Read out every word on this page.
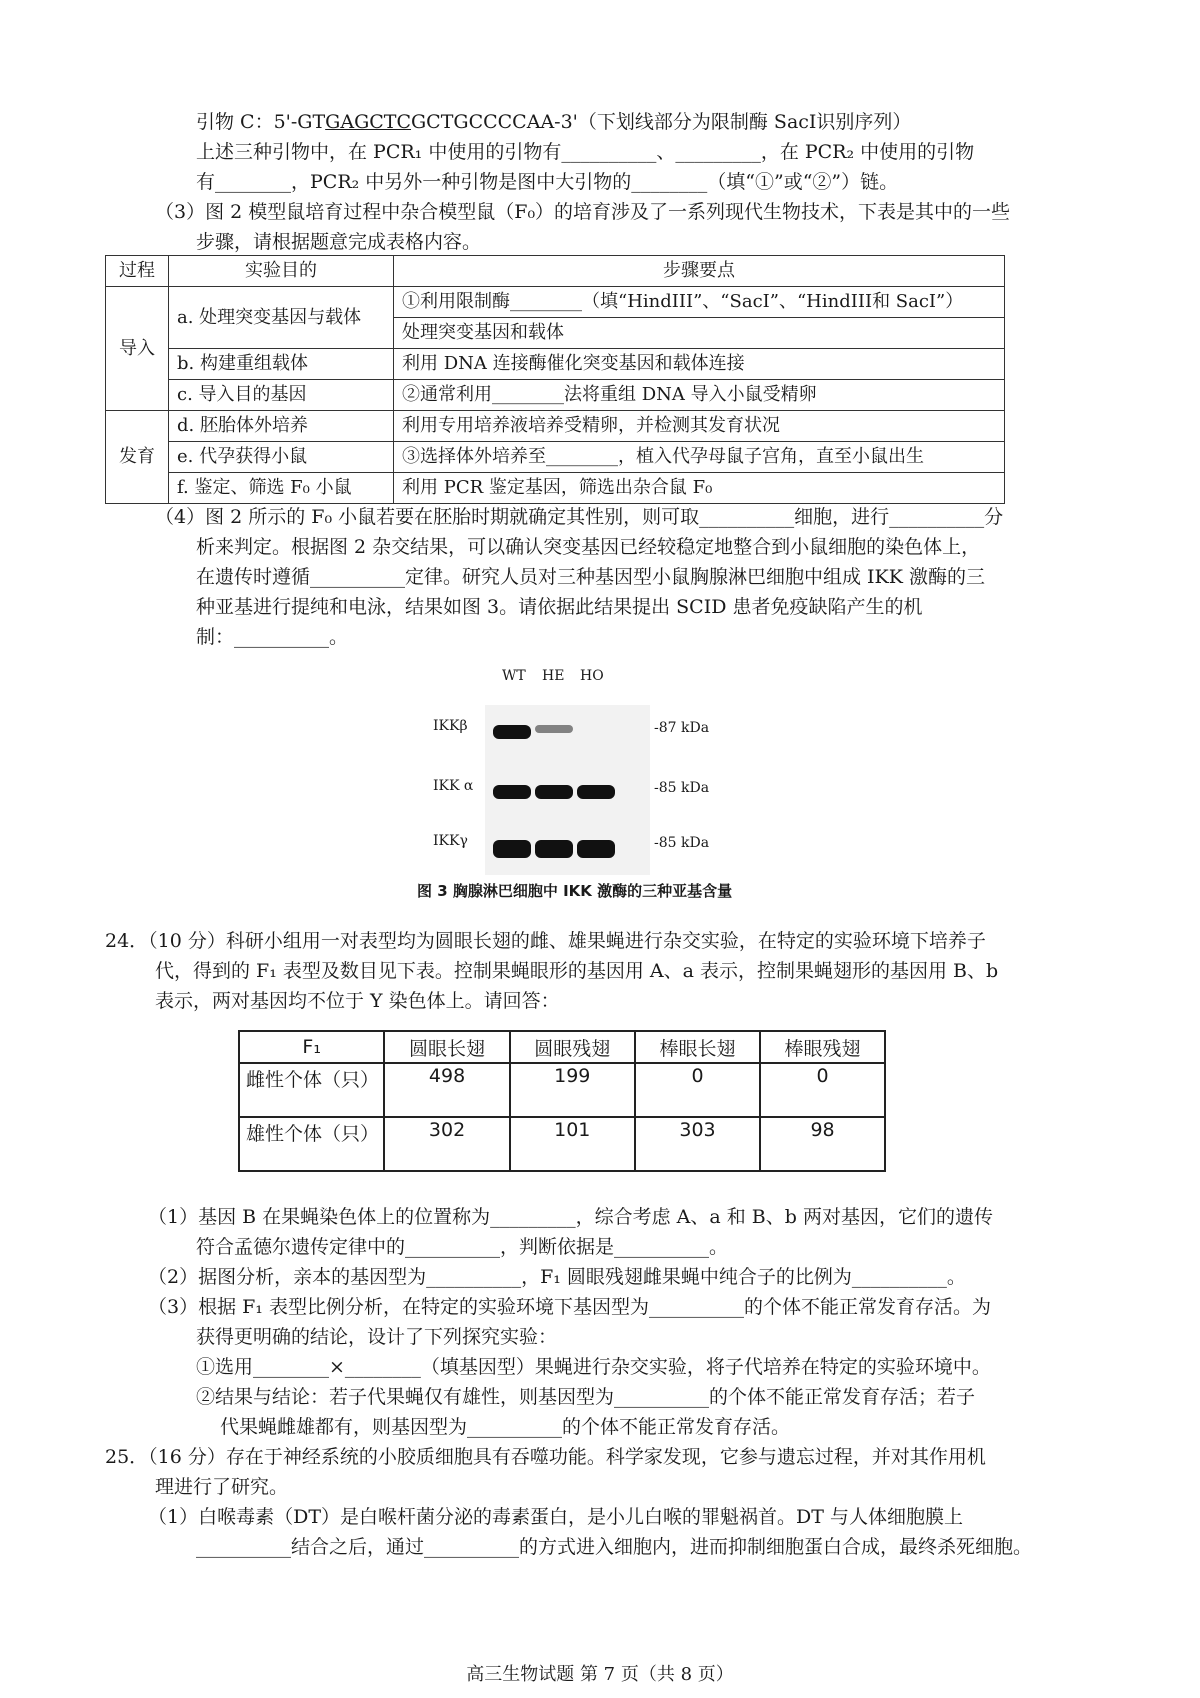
引物 C：5'-GTGAGCTCGCTGCCCCAA-3'（下划线部分为限制酶 SacI识别序列）
上述三种引物中，在 PCR₁ 中使用的引物有__________、_________，在 PCR₂ 中使用的引物
有________，PCR₂ 中另外一种引物是图中大引物的________（填“①”或“②”）链。
（3）图 2 模型鼠培育过程中杂合模型鼠（F₀）的培育涉及了一系列现代生物技术，下表是其中的一些
步骤，请根据题意完成表格内容。
过程	实验目的	步骤要点
导入	a. 处理突变基因与载体	①利用限制酶________（填“HindIII”、“SacI”、“HindIII和 SacI”）
		处理突变基因和载体
	b. 构建重组载体	利用 DNA 连接酶催化突变基因和载体连接
	c. 导入目的基因	②通常利用________法将重组 DNA 导入小鼠受精卵
发育	d. 胚胎体外培养	利用专用培养液培养受精卵，并检测其发育状况
	e. 代孕获得小鼠	③选择体外培养至________，植入代孕母鼠子宫角，直至小鼠出生
	f. 鉴定、筛选 F₀ 小鼠	利用 PCR 鉴定基因，筛选出杂合鼠 F₀
（4）图 2 所示的 F₀ 小鼠若要在胚胎时期就确定其性别，则可取__________细胞，进行__________分
析来判定。根据图 2 杂交结果，可以确认突变基因已经较稳定地整合到小鼠细胞的染色体上，
在遗传时遵循__________定律。研究人员对三种基因型小鼠胸腺淋巴细胞中组成 IKK 激酶的三
种亚基进行提纯和电泳，结果如图 3。请依据此结果提出 SCID 患者免疫缺陷产生的机
制：__________。
WT HE HO
IKKβ
IKK α
IKKγ
-87 kDa
-85 kDa
-85 kDa
图 3 胸腺淋巴细胞中 IKK 激酶的三种亚基含量
24．（10 分）科研小组用一对表型均为圆眼长翅的雌、雄果蝇进行杂交实验，在特定的实验环境下培养子
代，得到的 F₁ 表型及数目见下表。控制果蝇眼形的基因用 A、a 表示，控制果蝇翅形的基因用 B、b
表示，两对基因均不位于 Y 染色体上。请回答：
F₁	圆眼长翅	圆眼残翅	棒眼长翅	棒眼残翅
雌性个体（只）	498	199	0	0
雄性个体（只）	302	101	303	98
（1）基因 B 在果蝇染色体上的位置称为_________，综合考虑 A、a 和 B、b 两对基因，它们的遗传
符合孟德尔遗传定律中的__________，判断依据是__________。
（2）据图分析，亲本的基因型为__________，F₁ 圆眼残翅雌果蝇中纯合子的比例为__________。
（3）根据 F₁ 表型比例分析，在特定的实验环境下基因型为__________的个体不能正常发育存活。为
获得更明确的结论，设计了下列探究实验：
①选用________×________（填基因型）果蝇进行杂交实验，将子代培养在特定的实验环境中。
②结果与结论：若子代果蝇仅有雄性，则基因型为__________的个体不能正常发育存活；若子
代果蝇雌雄都有，则基因型为__________的个体不能正常发育存活。
25．（16 分）存在于神经系统的小胶质细胞具有吞噬功能。科学家发现，它参与遗忘过程，并对其作用机
理进行了研究。
（1）白喉毒素（DT）是白喉杆菌分泌的毒素蛋白，是小儿白喉的罪魁祸首。DT 与人体细胞膜上
__________结合之后，通过__________的方式进入细胞内，进而抑制细胞蛋白合成，最终杀死细胞。
高三生物试题 第 7 页（共 8 页）
